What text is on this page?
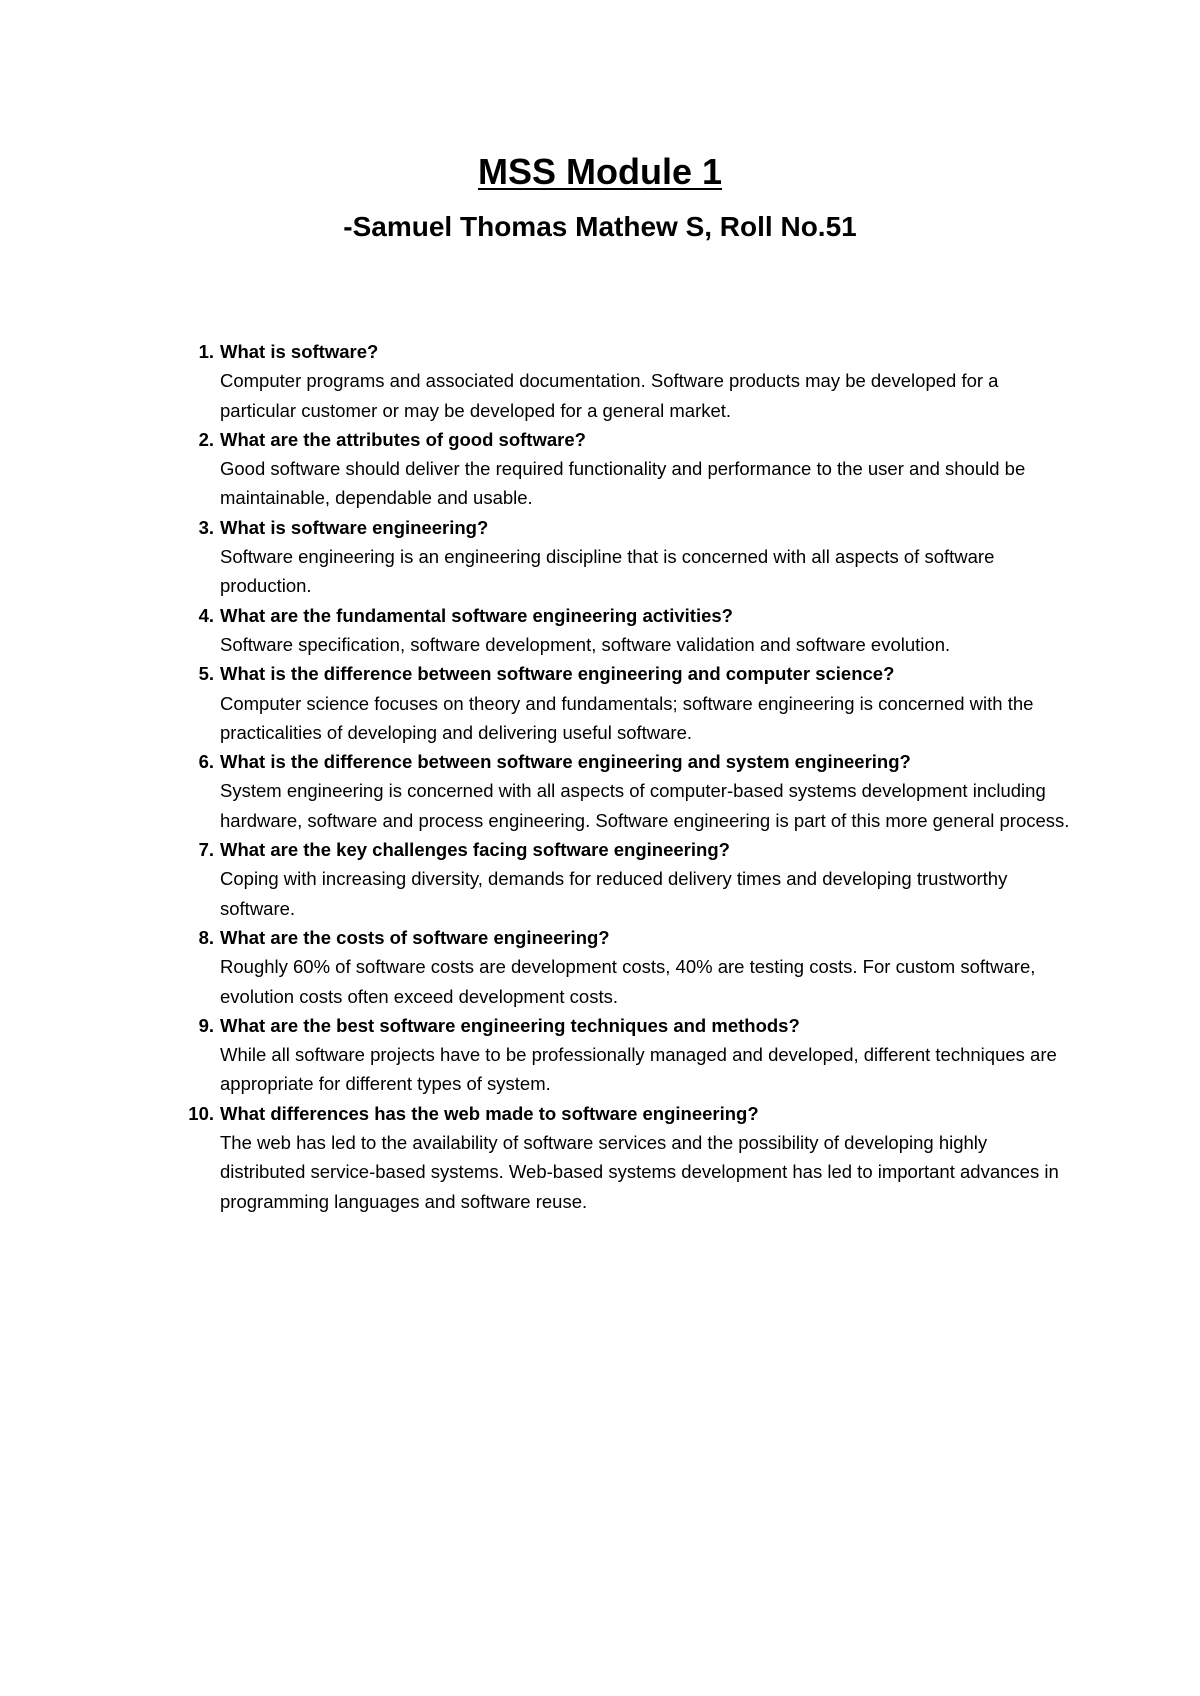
MSS Module 1
-Samuel Thomas Mathew S, Roll No.51
1. What is software?
Computer programs and associated documentation. Software products may be developed for a particular customer or may be developed for a general market.
2. What are the attributes of good software?
Good software should deliver the required functionality and performance to the user and should be maintainable, dependable and usable.
3. What is software engineering?
Software engineering is an engineering discipline that is concerned with all aspects of software production.
4. What are the fundamental software engineering activities?
Software specification, software development, software validation and software evolution.
5. What is the difference between software engineering and computer science?
Computer science focuses on theory and fundamentals; software engineering is concerned with the practicalities of developing and delivering useful software.
6. What is the difference between software engineering and system engineering?
System engineering is concerned with all aspects of computer-based systems development including hardware, software and process engineering. Software engineering is part of this more general process.
7. What are the key challenges facing software engineering?
Coping with increasing diversity, demands for reduced delivery times and developing trustworthy software.
8. What are the costs of software engineering?
Roughly 60% of software costs are development costs, 40% are testing costs. For custom software, evolution costs often exceed development costs.
9. What are the best software engineering techniques and methods?
While all software projects have to be professionally managed and developed, different techniques are appropriate for different types of system.
10. What differences has the web made to software engineering?
The web has led to the availability of software services and the possibility of developing highly distributed service-based systems. Web-based systems development has led to important advances in programming languages and software reuse.
